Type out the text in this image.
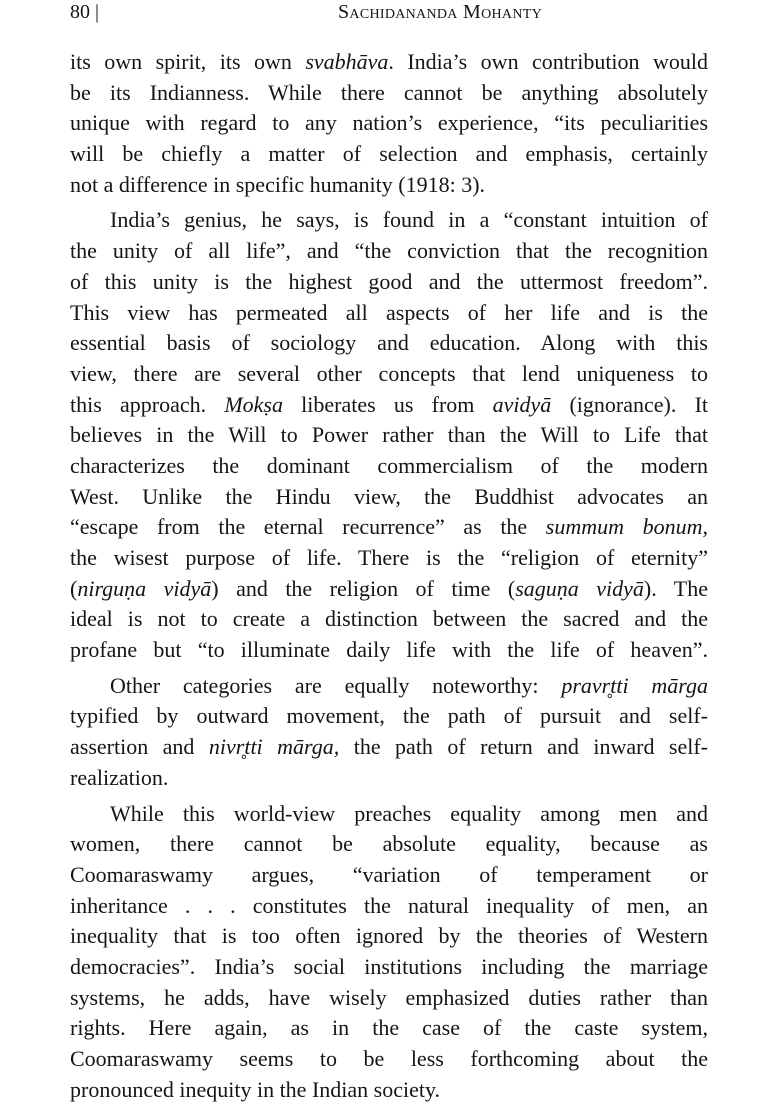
80 |	Sachidananda Mohanty
its own spirit, its own svabhāva. India’s own contribution would
be its Indianness. While there cannot be anything absolutely
unique with regard to any nation’s experience, “its peculiarities
will be chiefly a matter of selection and emphasis, certainly
not a difference in specific humanity (1918: 3).
India’s genius, he says, is found in a “constant intuition of
the unity of all life”, and “the conviction that the recognition
of this unity is the highest good and the uttermost freedom”.
This view has permeated all aspects of her life and is the
essential basis of sociology and education. Along with this
view, there are several other concepts that lend uniqueness to
this approach. Mokṣa liberates us from avidyā (ignorance). It
believes in the Will to Power rather than the Will to Life that
characterizes the dominant commercialism of the modern
West. Unlike the Hindu view, the Buddhist advocates an
“escape from the eternal recurrence” as the summum bonum,
the wisest purpose of life. There is the “religion of eternity”
(nirguṇa vidyā) and the religion of time (saguṇa vidyā). The
ideal is not to create a distinction between the sacred and the
profane but “to illuminate daily life with the life of heaven”.
Other categories are equally noteworthy: pravr̥tti mārga
typified by outward movement, the path of pursuit and self-
assertion and nivr̥tti mārga, the path of return and inward self-
realization.
While this world-view preaches equality among men and
women, there cannot be absolute equality, because as
Coomaraswamy argues, “variation of temperament or
inheritance . . . constitutes the natural inequality of men, an
inequality that is too often ignored by the theories of Western
democracies”. India’s social institutions including the marriage
systems, he adds, have wisely emphasized duties rather than
rights. Here again, as in the case of the caste system,
Coomaraswamy seems to be less forthcoming about the
pronounced inequity in the Indian society.
